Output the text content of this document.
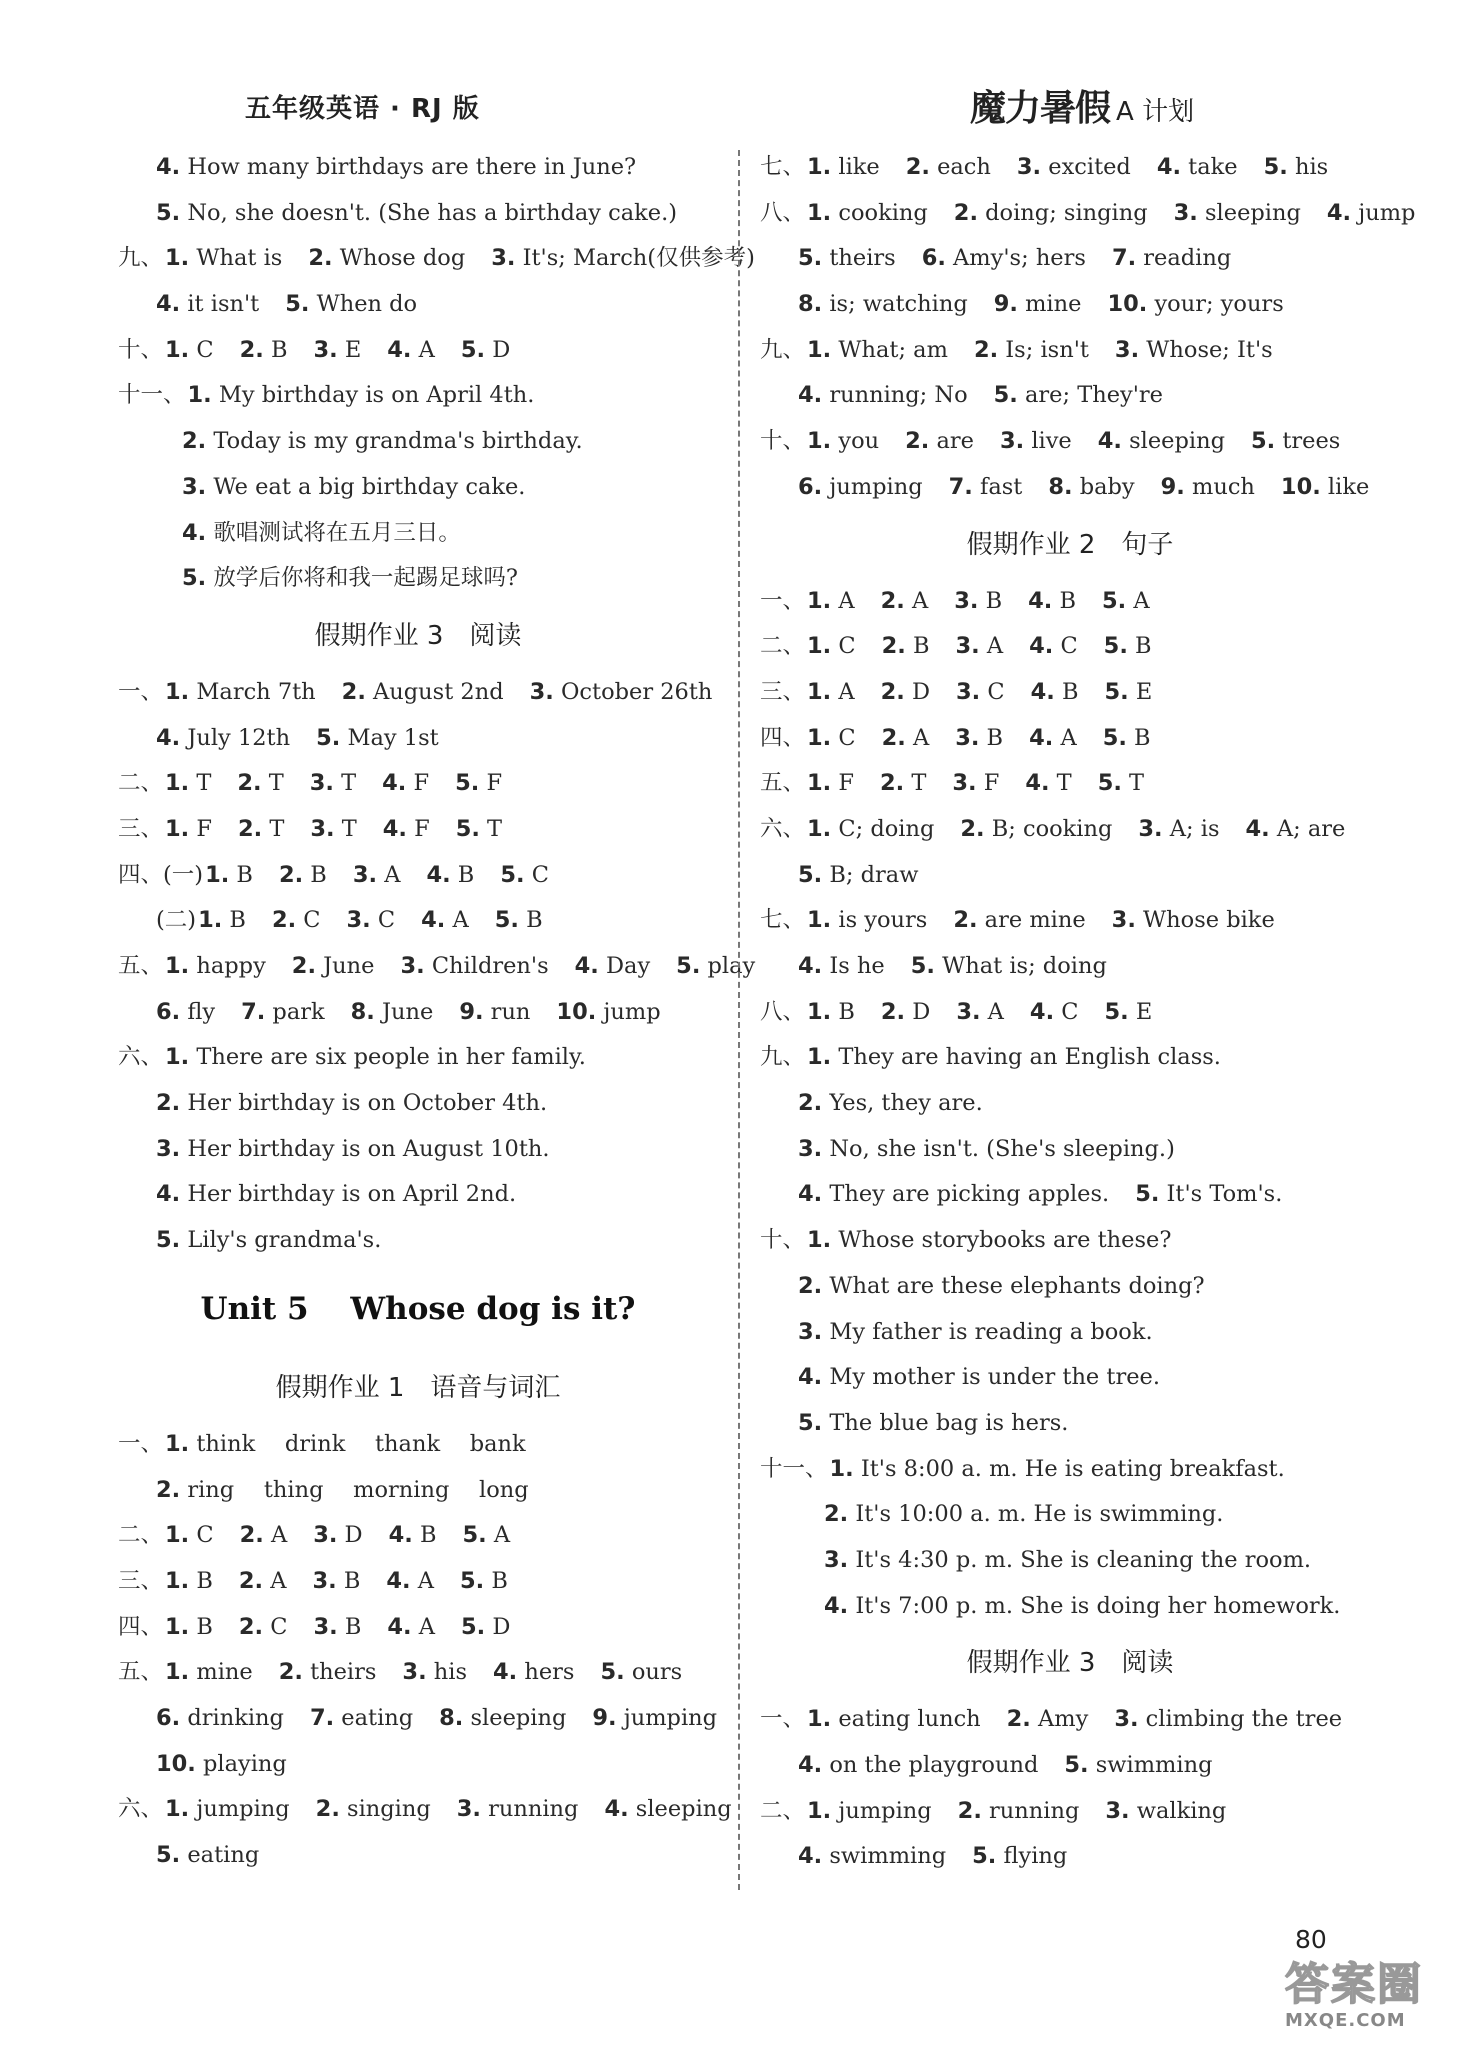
五年级英语 · RJ 版	魔力暑假 A 计划
4. How many birthdays are there in June?
5. No, she doesn't. (She has a birthday cake.)
九、1. What is 2. Whose dog 3. It's; March(仅供参考)
4. it isn't 5. When do
十、1. C 2. B 3. E 4. A 5. D
十一、1. My birthday is on April 4th.
2. Today is my grandma's birthday.
3. We eat a big birthday cake.
4. 歌唱测试将在五月三日。
5. 放学后你将和我一起踢足球吗?
假期作业 3　阅读
一、1. March 7th 2. August 2nd 3. October 26th
4. July 12th 5. May 1st
二、1. T 2. T 3. T 4. F 5. F
三、1. F 2. T 3. T 4. F 5. T
四、(一)1. B 2. B 3. A 4. B 5. C
(二)1. B 2. C 3. C 4. A 5. B
五、1. happy 2. June 3. Children's 4. Day 5. play
6. fly 7. park 8. June 9. run 10. jump
六、1. There are six people in her family.
2. Her birthday is on October 4th.
3. Her birthday is on August 10th.
4. Her birthday is on April 2nd.
5. Lily's grandma's.
Unit 5　 Whose dog is it?
假期作业 1　语音与词汇
一、1. think　 drink　 thank　 bank
2. ring　 thing　 morning　 long
二、1. C 2. A 3. D 4. B 5. A
三、1. B 2. A 3. B 4. A 5. B
四、1. B 2. C 3. B 4. A 5. D
五、1. mine 2. theirs 3. his 4. hers 5. ours
6. drinking 7. eating 8. sleeping 9. jumping
10. playing
六、1. jumping 2. singing 3. running 4. sleeping
5. eating
七、1. like 2. each 3. excited 4. take 5. his
八、1. cooking 2. doing; singing 3. sleeping 4. jump
5. theirs 6. Amy's; hers 7. reading
8. is; watching 9. mine 10. your; yours
九、1. What; am 2. Is; isn't 3. Whose; It's
4. running; No 5. are; They're
十、1. you 2. are 3. live 4. sleeping 5. trees
6. jumping 7. fast 8. baby 9. much 10. like
假期作业 2　句子
一、1. A 2. A 3. B 4. B 5. A
二、1. C 2. B 3. A 4. C 5. B
三、1. A 2. D 3. C 4. B 5. E
四、1. C 2. A 3. B 4. A 5. B
五、1. F 2. T 3. F 4. T 5. T
六、1. C; doing 2. B; cooking 3. A; is 4. A; are
5. B; draw
七、1. is yours 2. are mine 3. Whose bike
4. Is he 5. What is; doing
八、1. B 2. D 3. A 4. C 5. E
九、1. They are having an English class.
2. Yes, they are.
3. No, she isn't. (She's sleeping.)
4. They are picking apples. 5. It's Tom's.
十、1. Whose storybooks are these?
2. What are these elephants doing?
3. My father is reading a book.
4. My mother is under the tree.
5. The blue bag is hers.
十一、1. It's 8:00 a. m. He is eating breakfast.
2. It's 10:00 a. m. He is swimming.
3. It's 4:30 p. m. She is cleaning the room.
4. It's 7:00 p. m. She is doing her homework.
假期作业 3　阅读
一、1. eating lunch 2. Amy 3. climbing the tree
4. on the playground 5. swimming
二、1. jumping 2. running 3. walking
4. swimming 5. flying
80
答案圈
MXQE.COM
